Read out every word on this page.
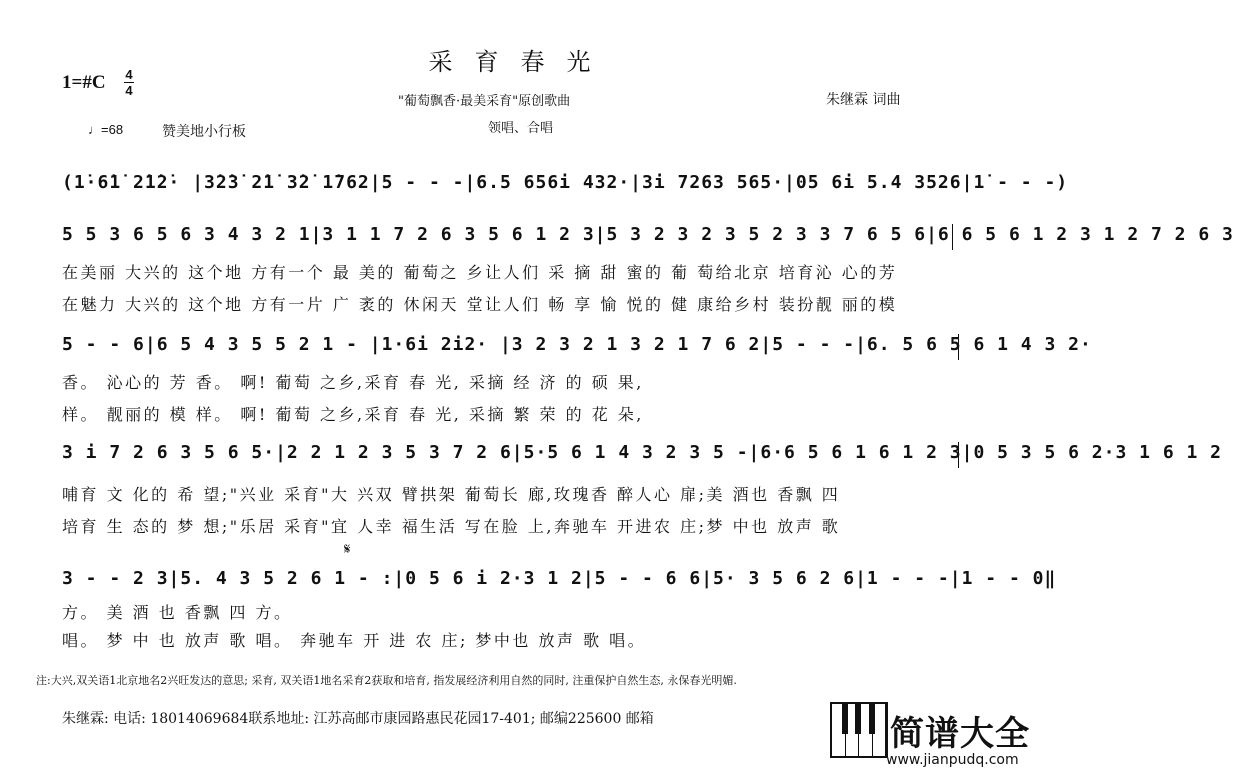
采育春光
1=#C 4
4
"葡萄飘香·最美采育"原创歌曲	朱继霖 词曲
♩=68	赞美地小行板	领唱、合唱
(1̇·6̇1̇ 2̇1̇2̇· |3̇2̇3̇ 2̇1̇ 3̇2̇ 1̇762|5 - - -|6.5 656i 432·|3i 7263 565·|05 6i 5.4 3526|1̇ - - -)
5 5 3 6 5 6 3 4 3 2 1|3 1 1 7 2 6 3 5 6 1 2 3|5 3 2 3 2 3 5 2 3 3 7 6 5 6|6 6 5 6 1 2 3 1 2 7 2 6 3
在美丽 大兴的 这个地 方有一个 最 美的 葡萄之 乡让人们 采 摘 甜 蜜的 葡 萄给北京 培育沁 心的芳
在魅力 大兴的 这个地 方有一片 广 袤的 休闲天 堂让人们 畅 享 愉 悦的 健 康给乡村 装扮靓 丽的模
5 - - 6|6 5 4 3 5 5 2 1 - |1·6i 2i2· |3 2 3 2 1 3 2 1 7 6 2|5 - - -|6. 5 6 5 6 1 4 3 2·
香。 沁心的 芳 香。 啊! 葡萄 之乡,采育 春 光, 采摘 经 济 的 硕 果,
样。 靓丽的 模 样。 啊! 葡萄 之乡,采育 春 光, 采摘 繁 荣 的 花 朵,
3 i 7 2 6 3 5 6 5·|2 2 1 2 3 5 3 7 2 6|5·5 6 1 4 3 2 3 5 -|6·6 5 6 1 6 1 2 3|0 5 3 5 6 2·3 1 6 1 2
哺育 文 化的 希 望;"兴业 采育"大 兴双 臂拱架 葡萄长 廊,玫瑰香 醉人心 扉;美 酒也 香飘 四
培育 生 态的 梦 想;"乐居 采育"宜 人幸 福生活 写在脸 上,奔驰车 开进农 庄;梦 中也 放声 歌
𝄋
3 - - 2 3|5. 4 3 5 2 6 1 - :|0 5 6 i 2·3 1 2|5 - - 6 6|5· 3 5 6 2 6|1 - - -|1 - - 0‖
方。 美 酒 也 香飘 四 方。
唱。 梦 中 也 放声 歌 唱。 奔驰车 开 进 农 庄; 梦中也 放声 歌 唱。
注:大兴,双关语1北京地名2兴旺发达的意思; 采育, 双关语1地名采育2获取和培育, 指发展经济利用自然的同时, 注重保护自然生态, 永保春光明媚.
朱继霖: 电话: 18014069684联系地址: 江苏高邮市康园路惠民花园17-401; 邮编225600 邮箱	简谱大全
www.jianpudq.com
